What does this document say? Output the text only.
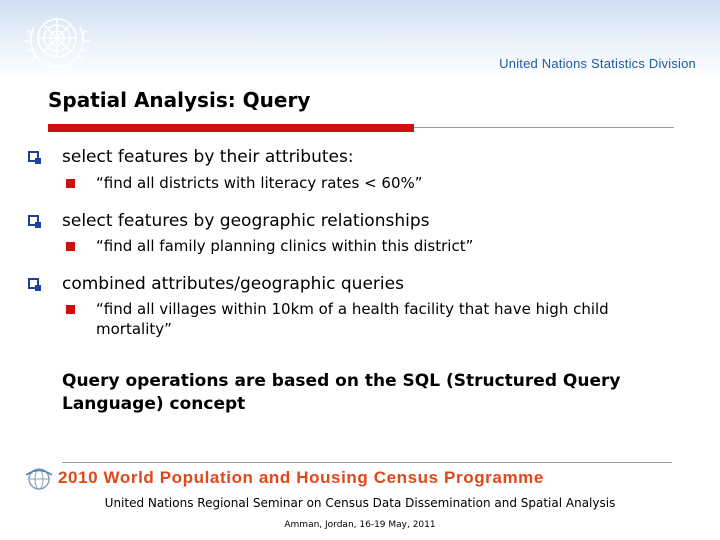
United Nations Statistics Division
Spatial Analysis: Query
select features by their attributes:
“find all districts with literacy rates < 60%”
select features by geographic relationships
“find all family planning clinics within this district”
combined attributes/geographic queries
“find all villages within 10km of a health facility that have high child mortality”
Query operations are based on the SQL (Structured Query Language) concept
2010 World Population and Housing Census Programme
United Nations Regional Seminar on Census Data Dissemination and Spatial Analysis
Amman, Jordan, 16-19 May, 2011
